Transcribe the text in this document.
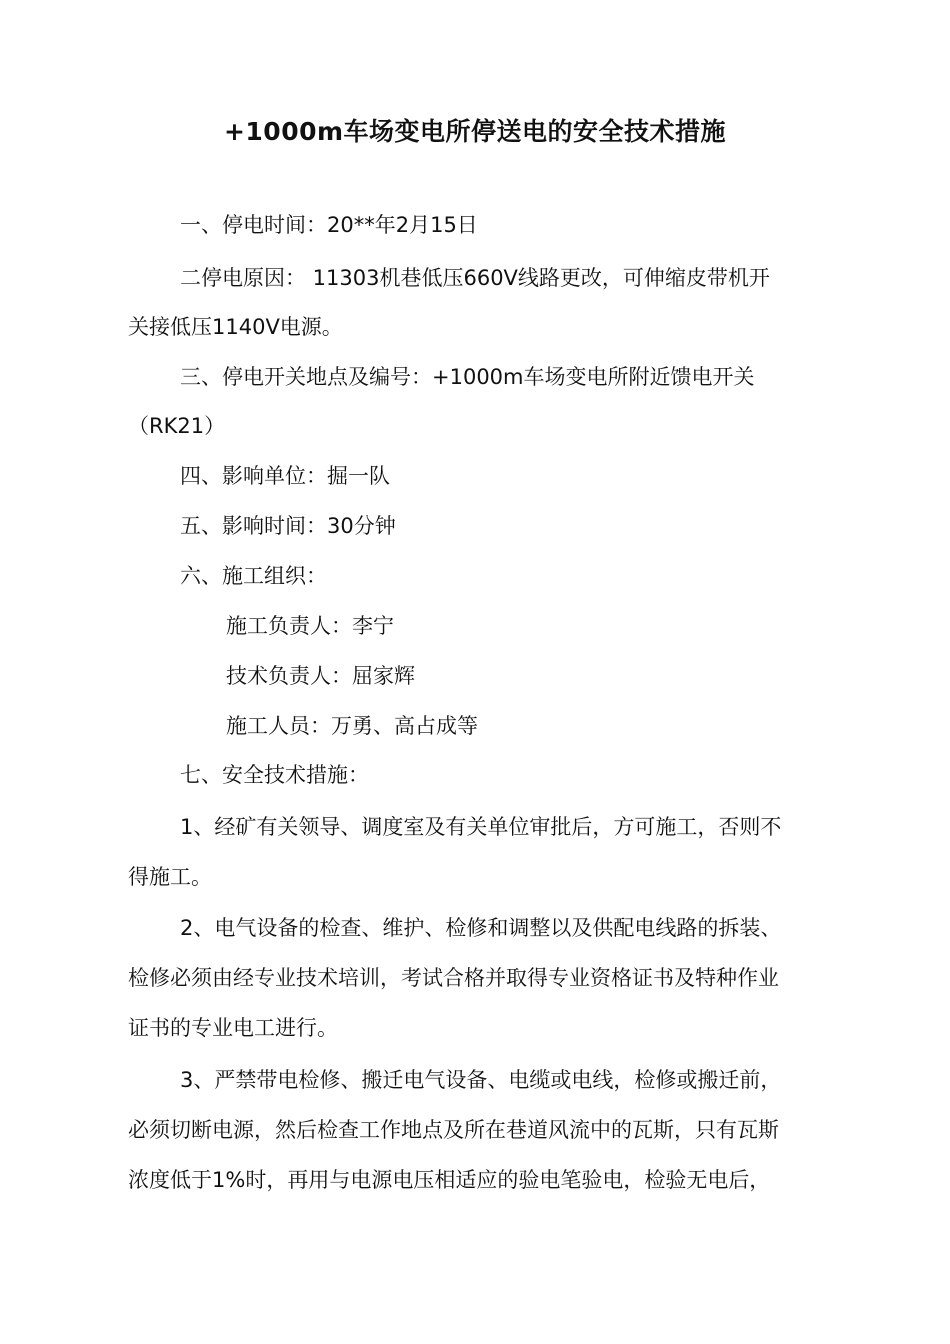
+1000m车场变电所停送电的安全技术措施

一、停电时间：20**年2月15日

二停电原因： 11303机巷低压660V线路更改，可伸缩皮带机开

关接低压1140V电源。

三、停电开关地点及编号：+1000m车场变电所附近馈电开关

（RK21）

四、影响单位：掘一队

五、影响时间：30分钟

六、施工组织：

施工负责人：李宁

技术负责人：屈家辉

施工人员：万勇、高占成等

七、安全技术措施：

1、经矿有关领导、调度室及有关单位审批后，方可施工，否则不

得施工。

2、电气设备的检查、维护、检修和调整以及供配电线路的拆装、

检修必须由经专业技术培训，考试合格并取得专业资格证书及特种作业

证书的专业电工进行。

3、严禁带电检修、搬迁电气设备、电缆或电线，检修或搬迁前，

必须切断电源，然后检查工作地点及所在巷道风流中的瓦斯，只有瓦斯

浓度低于1%时，再用与电源电压相适应的验电笔验电，检验无电后，
